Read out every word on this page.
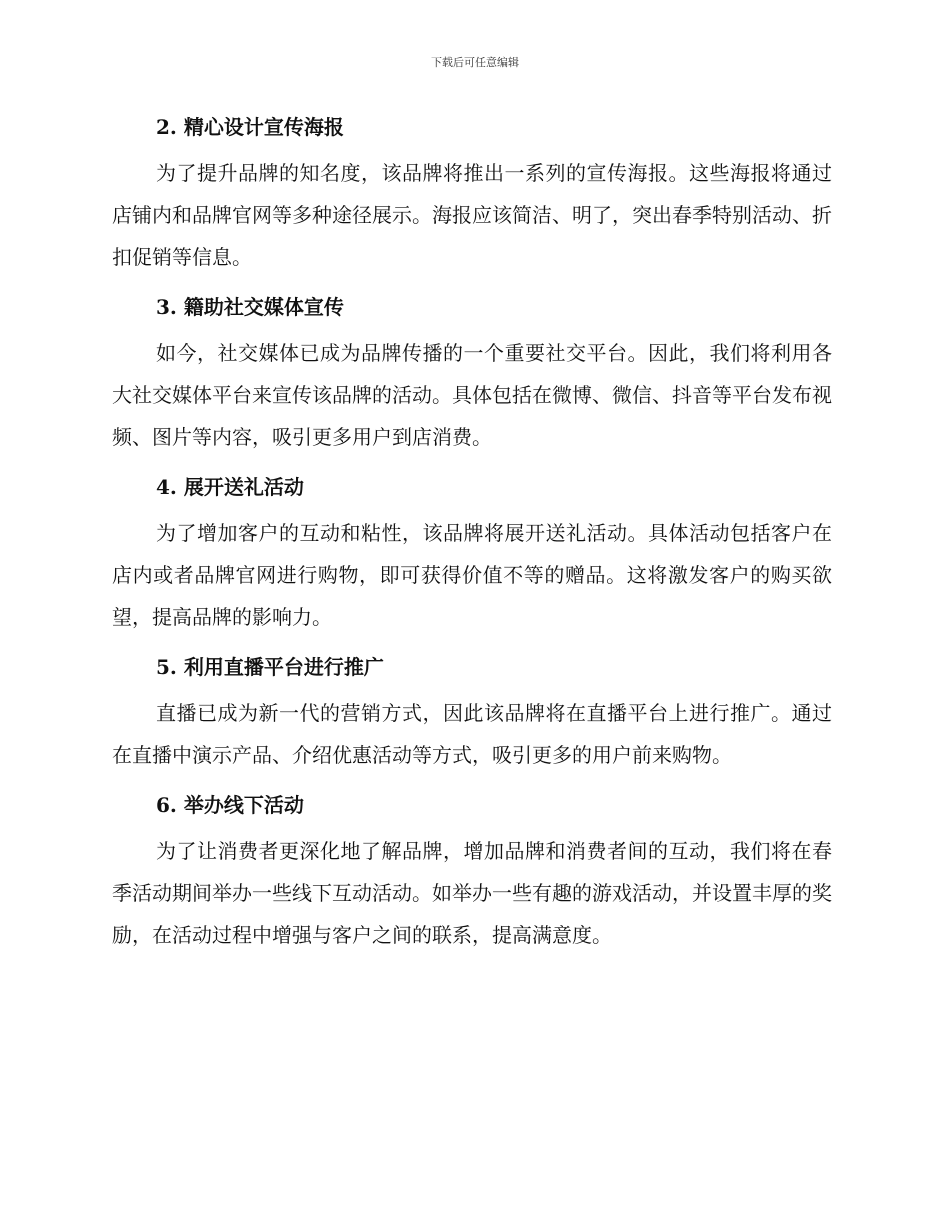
下载后可任意编辑
2. 精心设计宣传海报

为了提升品牌的知名度，该品牌将推出一系列的宣传海报。这些海报将通过店铺内和品牌官网等多种途径展示。海报应该简洁、明了，突出春季特别活动、折扣促销等信息。

3. 籍助社交媒体宣传

如今，社交媒体已成为品牌传播的一个重要社交平台。因此，我们将利用各大社交媒体平台来宣传该品牌的活动。具体包括在微博、微信、抖音等平台发布视频、图片等内容，吸引更多用户到店消费。

4. 展开送礼活动

为了增加客户的互动和粘性，该品牌将展开送礼活动。具体活动包括客户在店内或者品牌官网进行购物，即可获得价值不等的赠品。这将激发客户的购买欲望，提高品牌的影响力。

5. 利用直播平台进行推广

直播已成为新一代的营销方式，因此该品牌将在直播平台上进行推广。通过在直播中演示产品、介绍优惠活动等方式，吸引更多的用户前来购物。

6. 举办线下活动

为了让消费者更深化地了解品牌，增加品牌和消费者间的互动，我们将在春季活动期间举办一些线下互动活动。如举办一些有趣的游戏活动，并设置丰厚的奖励，在活动过程中增强与客户之间的联系，提高满意度。
